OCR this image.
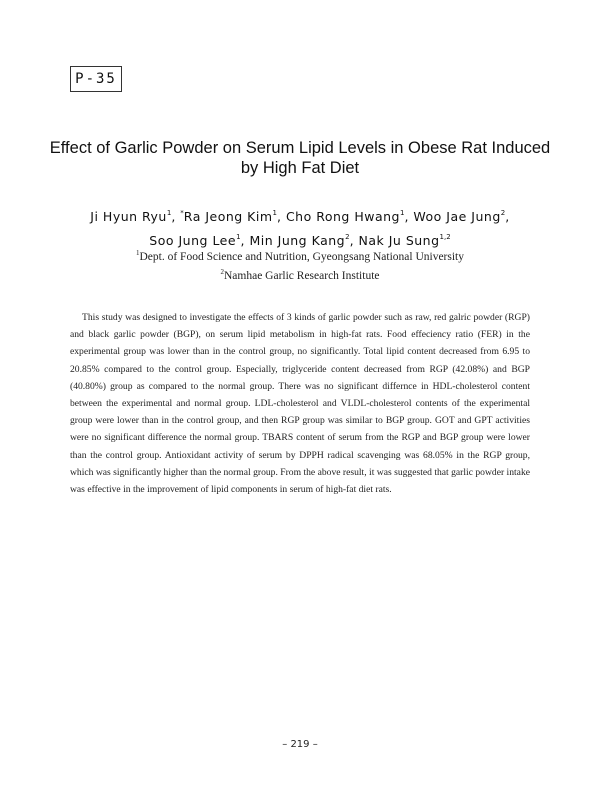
P-35
Effect of Garlic Powder on Serum Lipid Levels in Obese Rat Induced by High Fat Diet
Ji Hyun Ryu$^1$, *Ra Jeong Kim$^1$, Cho Rong Hwang$^1$, Woo Jae Jung$^2$,
Soo Jung Lee$^1$, Min Jung Kang$^2$, Nak Ju Sung$^{1,2}$
$^1$Dept. of Food Science and Nutrition, Gyeongsang National University
$^2$Namhae Garlic Research Institute

This study was designed to investigate the effects of 3 kinds of garlic powder such as raw, red galric powder (RGP) and black garlic powder (BGP), on serum lipid metabolism in high-fat rats. Food effeciency ratio (FER) in the experimental group was lower than in the control group, no significantly. Total lipid content decreased from 6.95 to 20.85% compared to the control group. Especially, triglyceride content decreased from RGP (42.08%) and BGP (40.80%) group as compared to the normal group. There was no significant differnce in HDL-cholesterol content between the experimental and normal group. LDL-cholesterol and VLDL-cholesterol contents of the experimental group were lower than in the control group, and then RGP group was similar to BGP group. GOT and GPT activities were no significant difference the normal group. TBARS content of serum from the RGP and BGP group were lower than the control group. Antioxidant activity of serum by DPPH radical scavenging was 68.05% in the RGP group, which was significantly higher than the normal group. From the above result, it was suggested that garlic powder intake was effective in the improvement of lipid components in serum of high-fat diet rats.

– 219 –
